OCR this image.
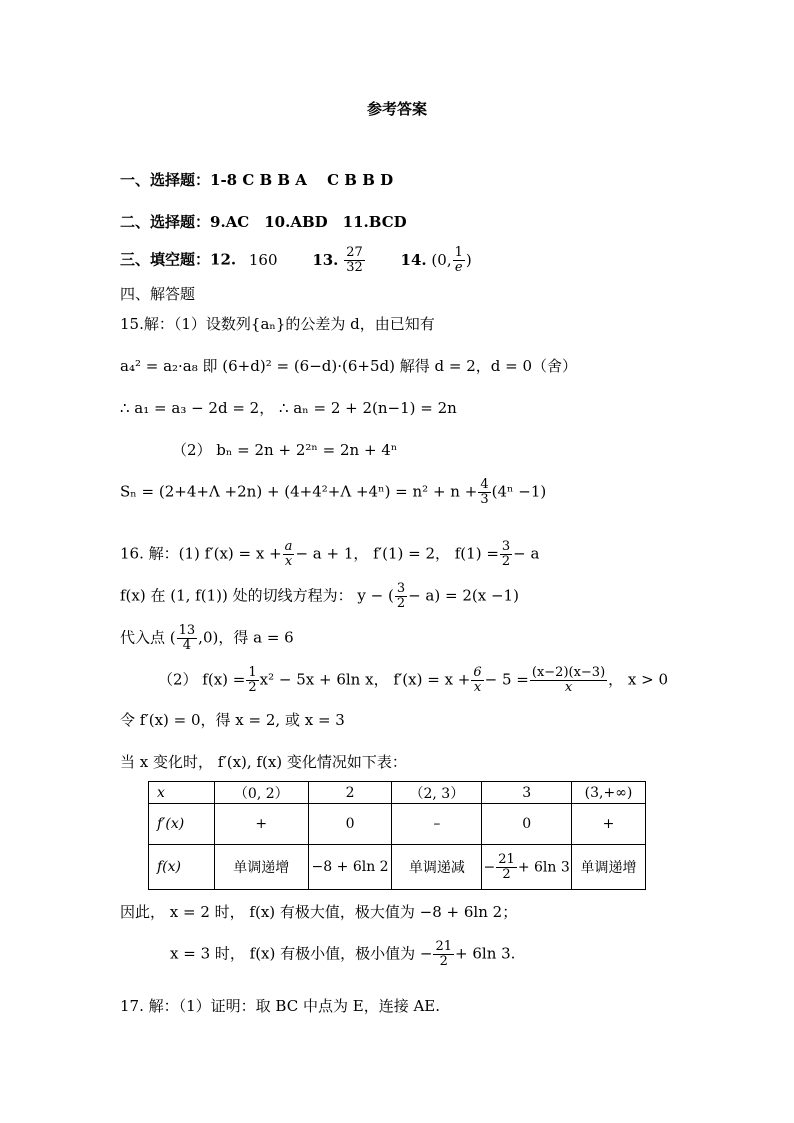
参考答案
一、选择题：1-8 C B B A　 C B B D
二、选择题：9.AC　10.ABD　11.BCD
三、填空题：12. 160 13. $\frac{27}{32} 14$. (0, $\frac{1}{e}$ )
四、解答题
15.解：（1）设数列{aₙ}的公差为 d，由已知有
a₄² = a₂·a₈ 即 (6+d)² = (6−d)·(6+5d) 解得 d = 2，d = 0（舍）
∴ a₁ = a₃ − 2d = 2， ∴ aₙ = 2 + 2(n−1) = 2n
（2） bₙ = 2n + 2²ⁿ = 2n + 4ⁿ
$S_n = (2+4+\Lambda +2n) + (4+4^2+\Lambda +4^n) = n^2 + n + \frac{4}{3} (4^n -1)$
16. 解：(1) $f'(x) = x + \frac{a}{x} - a + 1$， f′(1) = 2， $f(1) = \frac{3}{2} - a$
f(x) 在 (1, f(1)) 处的切线方程为： y − ( $\frac{3}{2} - a) = 2(x -1)$
代入点 ( $\frac{13}{4} ,0$)，得 a = 6
（2） $f(x) = \frac{1}{2} x^2 - 5x + 6\ln$ x， $f'(x) = x + \frac{6}{x} - 5 = \frac{(x-2)(x-3)}{x}$ ， x > 0
令 f′(x) = 0，得 x = 2, 或 x = 3
当 x 变化时， f′(x), f(x) 变化情况如下表：
x	（0, 2）	2	（2, 3）	3	(3,+∞)
f′(x)	+	0	–	0	+
f(x)	单调递增	−8 + 6ln 2	单调递减	− $\frac{21}{2} + 6\ln$ 3	单调递增
因此， x = 2 时， f(x) 有极大值，极大值为 −8 + 6ln 2；
x = 3 时， f(x) 有极小值，极小值为 − $\frac{21}{2} + 6\ln$ 3.
17. 解：（1）证明：取 BC 中点为 E，连接 AE.
